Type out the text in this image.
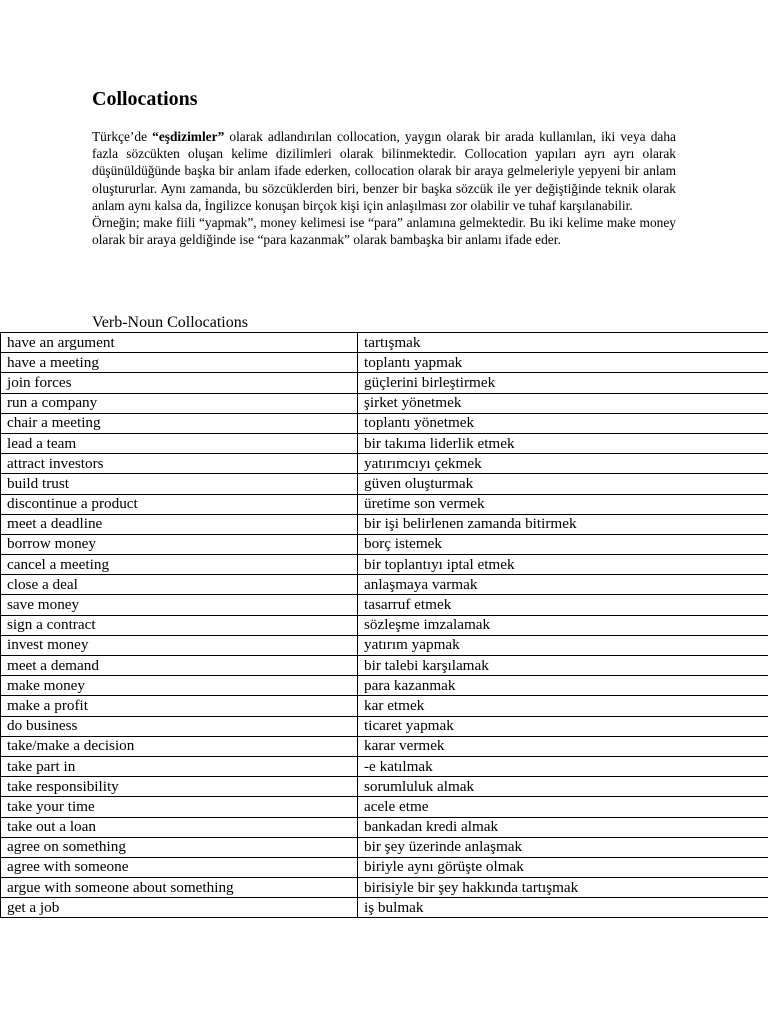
Collocations

Türkçe’de “eşdizimler” olarak adlandırılan collocation, yaygın olarak bir arada kullanılan, iki veya daha fazla sözcükten oluşan kelime dizilimleri olarak bilinmektedir. Collocation yapıları ayrı ayrı olarak düşünüldüğünde başka bir anlam ifade ederken, collocation olarak bir araya gelmeleriyle yepyeni bir anlam oluştururlar. Aynı zamanda, bu sözcüklerden biri, benzer bir başka sözcük ile yer değiştiğinde teknik olarak anlam aynı kalsa da, İngilizce konuşan birçok kişi için anlaşılması zor olabilir ve tuhaf karşılanabilir.

Örneğin; make fiili “yapmak”, money kelimesi ise “para” anlamına gelmektedir. Bu iki kelime make money olarak bir araya geldiğinde ise “para kazanmak” olarak bambaşka bir anlamı ifade eder.

Verb-Noun Collocations
have an argument	tartışmak
have a meeting	toplantı yapmak
join forces	güçlerini birleştirmek
run a company	şirket yönetmek
chair a meeting	toplantı yönetmek
lead a team	bir takıma liderlik etmek
attract investors	yatırımcıyı çekmek
build trust	güven oluşturmak
discontinue a product	üretime son vermek
meet a deadline	bir işi belirlenen zamanda bitirmek
borrow money	borç istemek
cancel a meeting	bir toplantıyı iptal etmek
close a deal	anlaşmaya varmak
save money	tasarruf etmek
sign a contract	sözleşme imzalamak
invest money	yatırım yapmak
meet a demand	bir talebi karşılamak
make money	para kazanmak
make a profit	kar etmek
do business	ticaret yapmak
take/make a decision	karar vermek
take part in	-e katılmak
take responsibility	sorumluluk almak
take your time	acele etme
take out a loan	bankadan kredi almak
agree on something	bir şey üzerinde anlaşmak
agree with someone	biriyle aynı görüşte olmak
argue with someone about something	birisiyle bir şey hakkında tartışmak
get a job	iş bulmak
